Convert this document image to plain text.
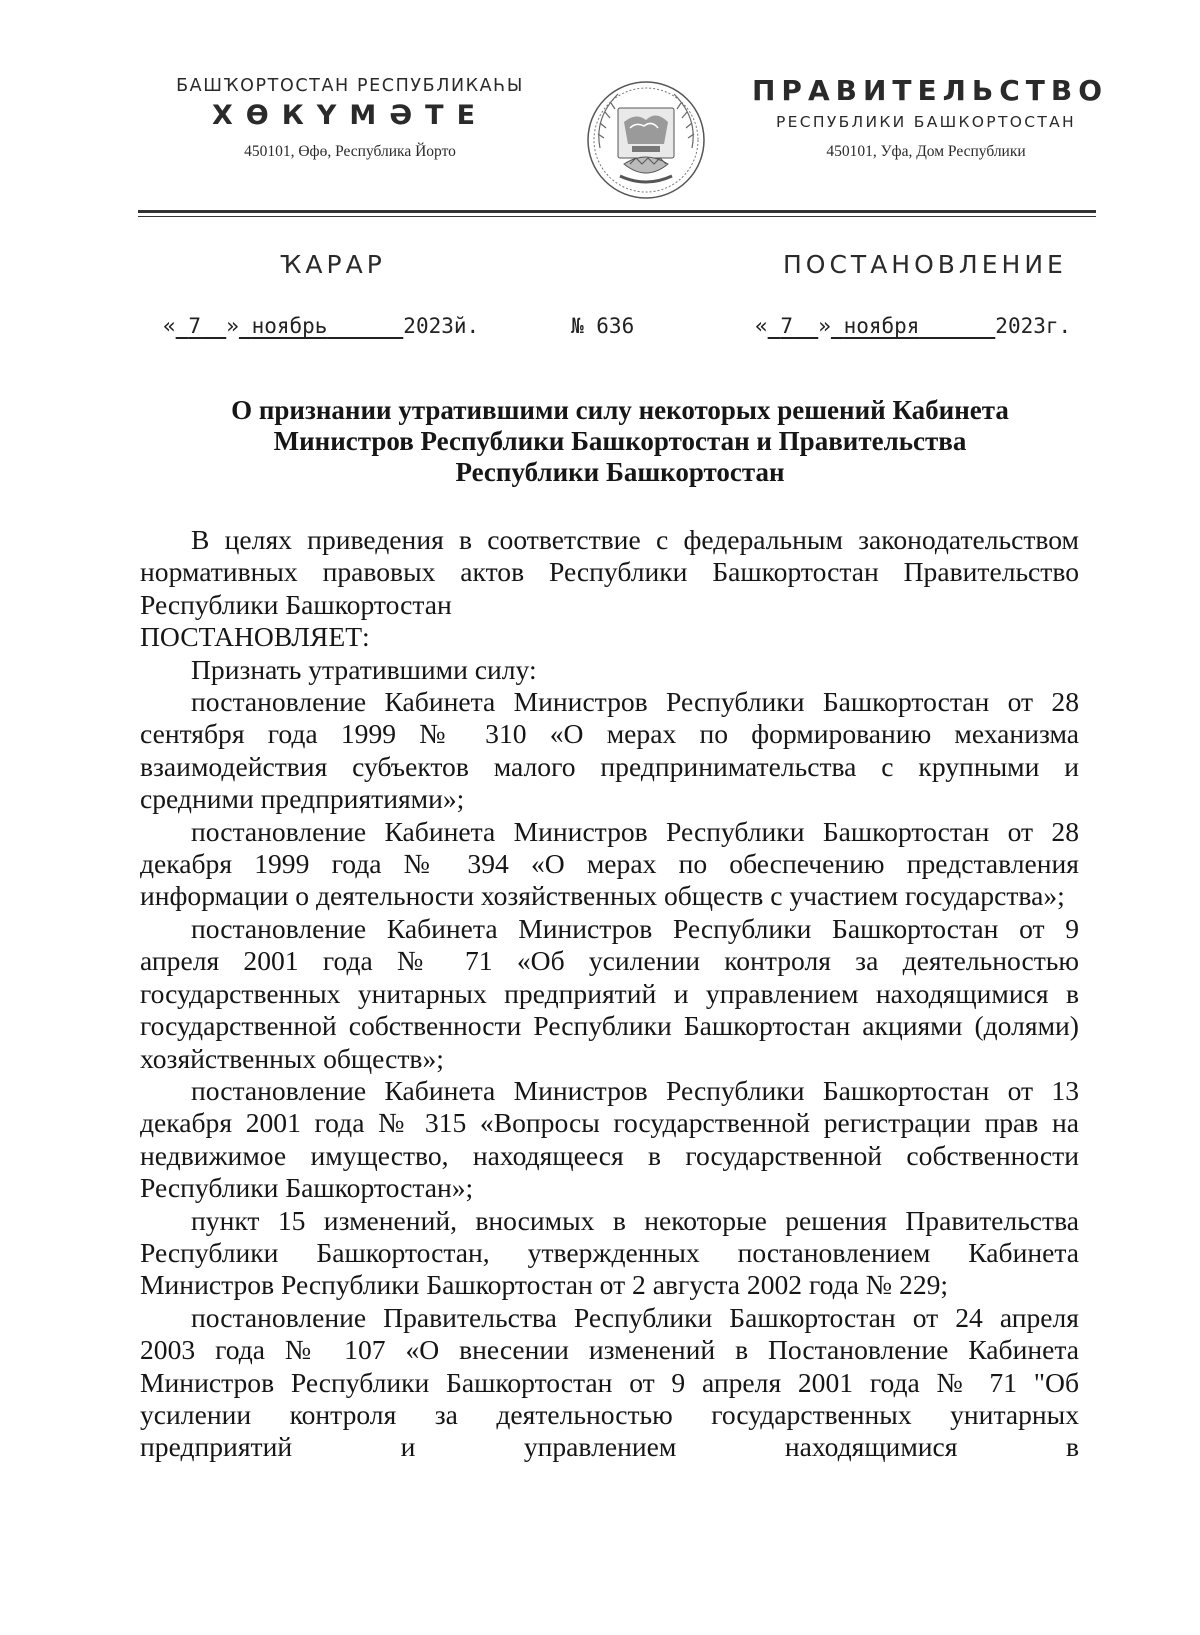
БАШҠОРТОСТАН РЕСПУБЛИКАҺЫ
ХӨКҮМӘТЕ
450101, Өфө, Республика Йорто
ПРАВИТЕЛЬСТВО
РЕСПУБЛИКИ БАШКОРТОСТАН
450101, Уфа, Дом Республики
ҠАРАР	ПОСТАНОВЛЕНИЕ
« 7 » ноябрь	2023й.	№ 636	« 7 » ноября	2023г.
О признании утратившими силу некоторых решений Кабинета
Министров Республики Башкортостан и Правительства
Республики Башкортостан

В целях приведения в соответствие с федеральным законодательством нормативных правовых актов Республики Башкортостан Правительство Республики Башкортостан

ПОСТАНОВЛЯЕТ:

Признать утратившими силу:

постановление Кабинета Министров Республики Башкортостан от 28 сентября года 1999 № 310 «О мерах по формированию механизма взаимодействия субъектов малого предпринимательства с крупными и средними предприятиями»;

постановление Кабинета Министров Республики Башкортостан от 28 декабря 1999 года № 394 «О мерах по обеспечению представления информации о деятельности хозяйственных обществ с участием государства»;

постановление Кабинета Министров Республики Башкортостан от 9 апреля 2001 года № 71 «Об усилении контроля за деятельностью государственных унитарных предприятий и управлением находящимися в государственной собственности Республики Башкортостан акциями (долями) хозяйственных обществ»;

постановление Кабинета Министров Республики Башкортостан от 13 декабря 2001 года № 315 «Вопросы государственной регистрации прав на недвижимое имущество, находящееся в государственной собственности Республики Башкортостан»;

пункт 15 изменений, вносимых в некоторые решения Правительства Республики Башкортостан, утвержденных постановлением Кабинета Министров Республики Башкортостан от 2 августа 2002 года № 229;

постановление Правительства Республики Башкортостан от 24 апреля 2003 года № 107 «О внесении изменений в Постановление Кабинета Министров Республики Башкортостан от 9 апреля 2001 года № 71 "Об усилении контроля за деятельностью государственных унитарных предприятий и управлением находящимися в
